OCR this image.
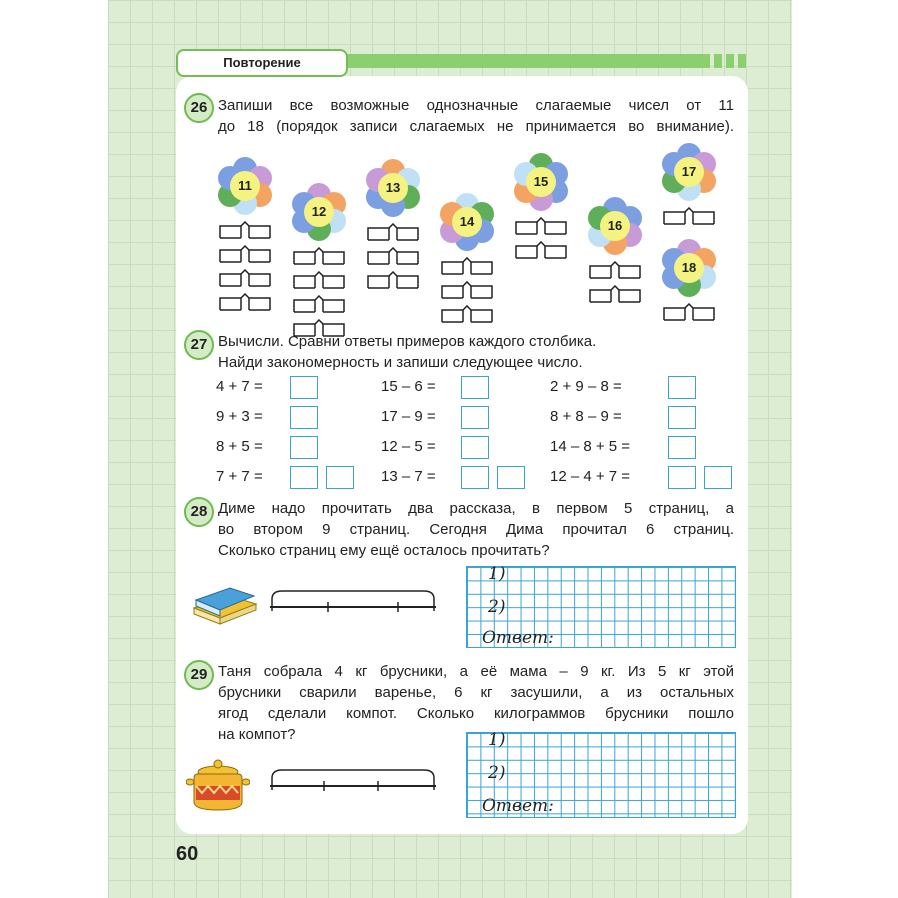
Повторение
26 Запиши все возможные однозначные слагаемые чисел от 11
до 18 (порядок записи слагаемых не принимается во внимание).
11
12
13
14
15
16
17
18
27 Вычисли. Сравни ответы примеров каждого столбика.
Найди закономерность и запиши следующее число.
4 + 7 =
9 + 3 =
8 + 5 =
7 + 7 =
15 – 6 =
17 – 9 =
12 – 5 =
13 – 7 =
2 + 9 – 8 =
8 + 8 – 9 =
14 – 8 + 5 =
12 – 4 + 7 =
28 Диме надо прочитать два рассказа, в первом 5 страниц, а
во втором 9 страниц. Сегодня Дима прочитал 6 страниц.
Сколько страниц ему ещё осталось прочитать?
1)
2)
Ответ:
29 Таня собрала 4 кг брусники, а её мама – 9 кг. Из 5 кг этой
брусники сварили варенье, 6 кг засушили, а из остальных
ягод сделали компот. Сколько килограммов брусники пошло
на компот?	1)
2)
Ответ:
60
